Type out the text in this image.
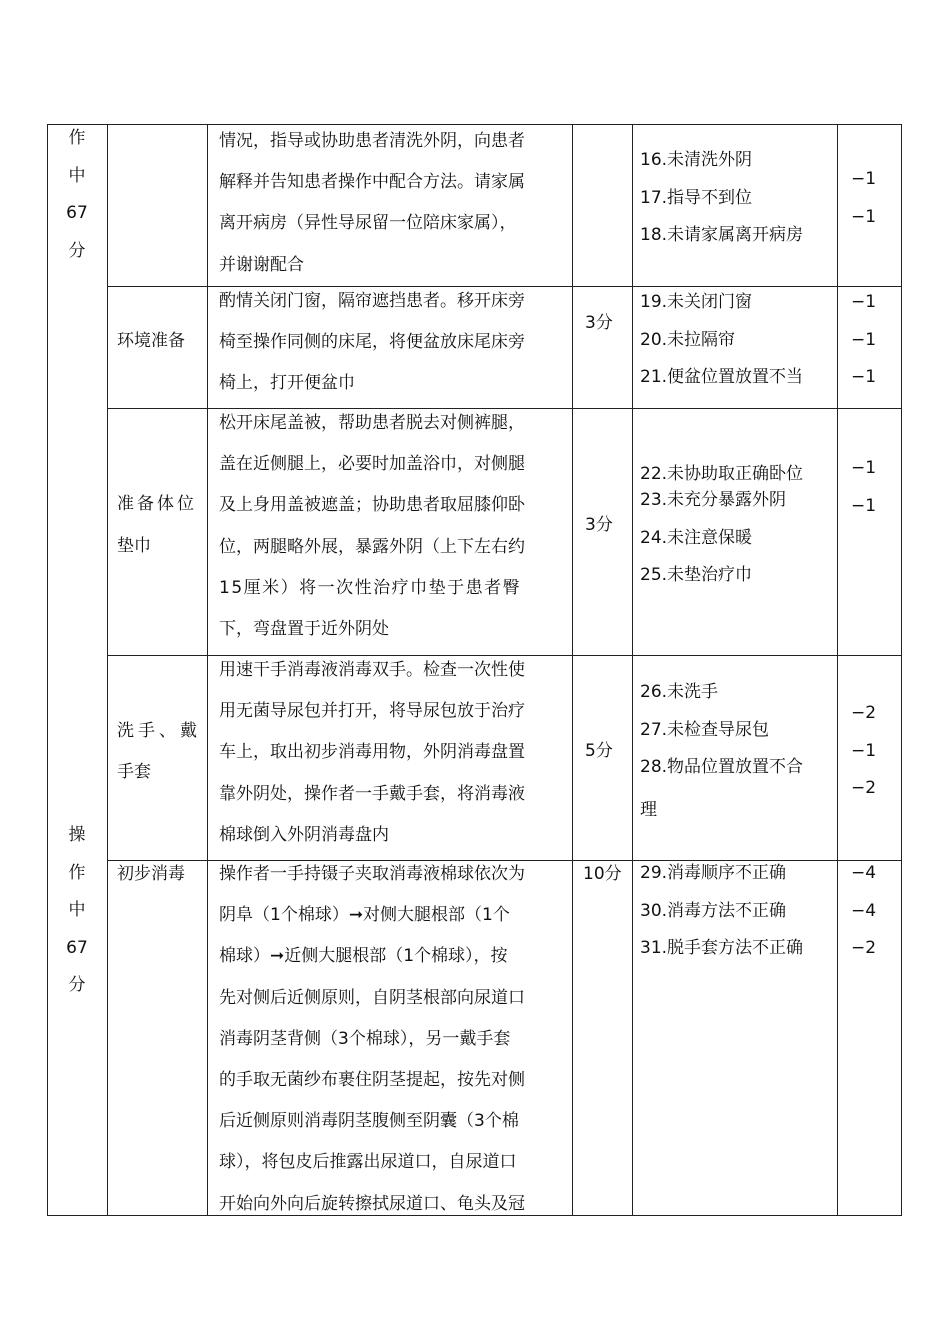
作
中
67
分
操
作
中
67
分
情况，指导或协助患者清洗外阴，向患者
解释并告知患者操作中配合方法。请家属
离开病房（异性导尿留一位陪床家属），
并谢谢配合
16.未清洗外阴
17.指导不到位
18.未请家属离开病房
−1
−1
环境准备
酌情关闭门窗，隔帘遮挡患者。移开床旁
椅至操作同侧的床尾，将便盆放床尾床旁
椅上，打开便盆巾
3分
19.未关闭门窗
20.未拉隔帘
21.便盆位置放置不当
−1
−1
−1
准备体位
垫巾
松开床尾盖被，帮助患者脱去对侧裤腿，
盖在近侧腿上，必要时加盖浴巾，对侧腿
及上身用盖被遮盖；协助患者取屈膝仰卧
位，两腿略外展，暴露外阴（上下左右约
15厘米）将一次性治疗巾垫于患者臀
下，弯盘置于近外阴处
3分
22.未协助取正确卧位
23.未充分暴露外阴
24.未注意保暖
25.未垫治疗巾
−1
−1
洗手、戴
手套
用速干手消毒液消毒双手。检查一次性使
用无菌导尿包并打开，将导尿包放于治疗
车上，取出初步消毒用物，外阴消毒盘置
靠外阴处，操作者一手戴手套，将消毒液
棉球倒入外阴消毒盘内
5分
26.未洗手
27.未检查导尿包
28.物品位置放置不合
理
−2
−1
−2
初步消毒 操作者一手持镊子夹取消毒液棉球依次为
阴阜（1个棉球）➞对侧大腿根部（1个
棉球）➞近侧大腿根部（1个棉球），按
先对侧后近侧原则，自阴茎根部向尿道口
消毒阴茎背侧（3个棉球），另一戴手套
的手取无菌纱布裹住阴茎提起，按先对侧
后近侧原则消毒阴茎腹侧至阴囊（3个棉
球），将包皮后推露出尿道口，自尿道口
开始向外向后旋转擦拭尿道口、龟头及冠
10分 29.消毒顺序不正确
30.消毒方法不正确
31.脱手套方法不正确
−4
−4
−2
